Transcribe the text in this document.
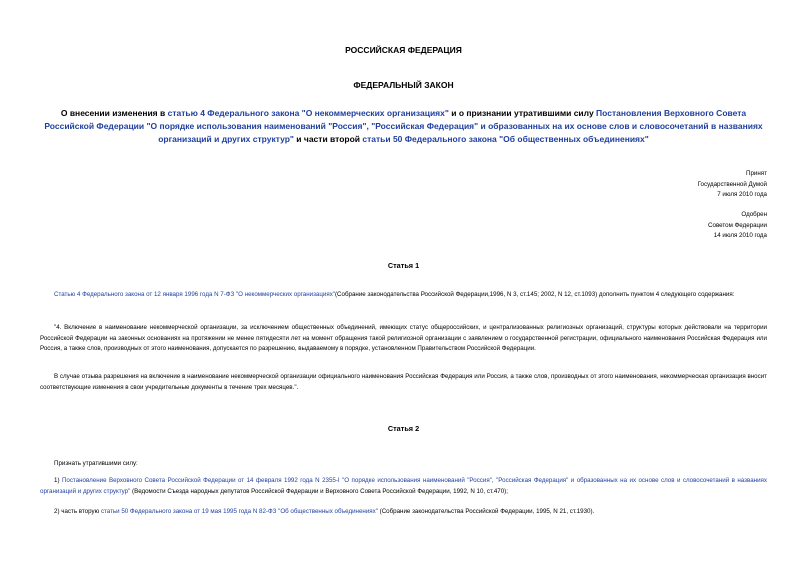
РОССИЙСКАЯ ФЕДЕРАЦИЯ
ФЕДЕРАЛЬНЫЙ ЗАКОН
О внесении изменения в статью 4 Федерального закона "О некоммерческих организациях" и о признании утратившими силу Постановления Верховного Совета Российской Федерации "О порядке использования наименований "Россия", "Российская Федерация" и образованных на их основе слов и словосочетаний в названиях организаций и других структур" и части второй статьи 50 Федерального закона "Об общественных объединениях"
Принят
Государственной Думой
7 июля 2010 года
Одобрен
Советом Федерации
14 июля 2010 года
Статья 1
Статью 4 Федерального закона от 12 января 1996 года N 7-ФЗ "О некоммерческих организациях"(Собрание законодательства Российской Федерации,1996, N 3, ст.145; 2002, N 12, ст.1093) дополнить пунктом 4 следующего содержания:
"4. Включение в наименование некоммерческой организации, за исключением общественных объединений, имеющих статус общероссийских, и централизованных религиозных организаций, структуры которых действовали на территории Российской Федерации на законных основаниях на протяжении не менее пятидесяти лет на момент обращения такой религиозной организации с заявлением о государственной регистрации, официального наименования Российская Федерация или Россия, а также слов, производных от этого наименования, допускается по разрешению, выдаваемому в порядке, установленном Правительством Российской Федерации.
В случае отзыва разрешения на включение в наименование некоммерческой организации официального наименования Российская Федерация или Россия, а также слов, производных от этого наименования, некоммерческая организация вносит соответствующие изменения в свои учредительные документы в течение трех месяцев.".
Статья 2
Признать утратившими силу:
1) Постановление Верховного Совета Российской Федерации от 14 февраля 1992 года N 2355-I "О порядке использования наименований "Россия", "Российская Федерация" и образованных на их основе слов и словосочетаний в названиях организаций и других структур" (Ведомости Съезда народных депутатов Российской Федерации и Верховного Совета Российской Федерации, 1992, N 10, ст.470);
2) часть вторую статьи 50 Федерального закона от 19 мая 1995 года N 82-ФЗ "Об общественных объединениях" (Собрание законодательства Российской Федерации, 1995, N 21, ст.1930).
